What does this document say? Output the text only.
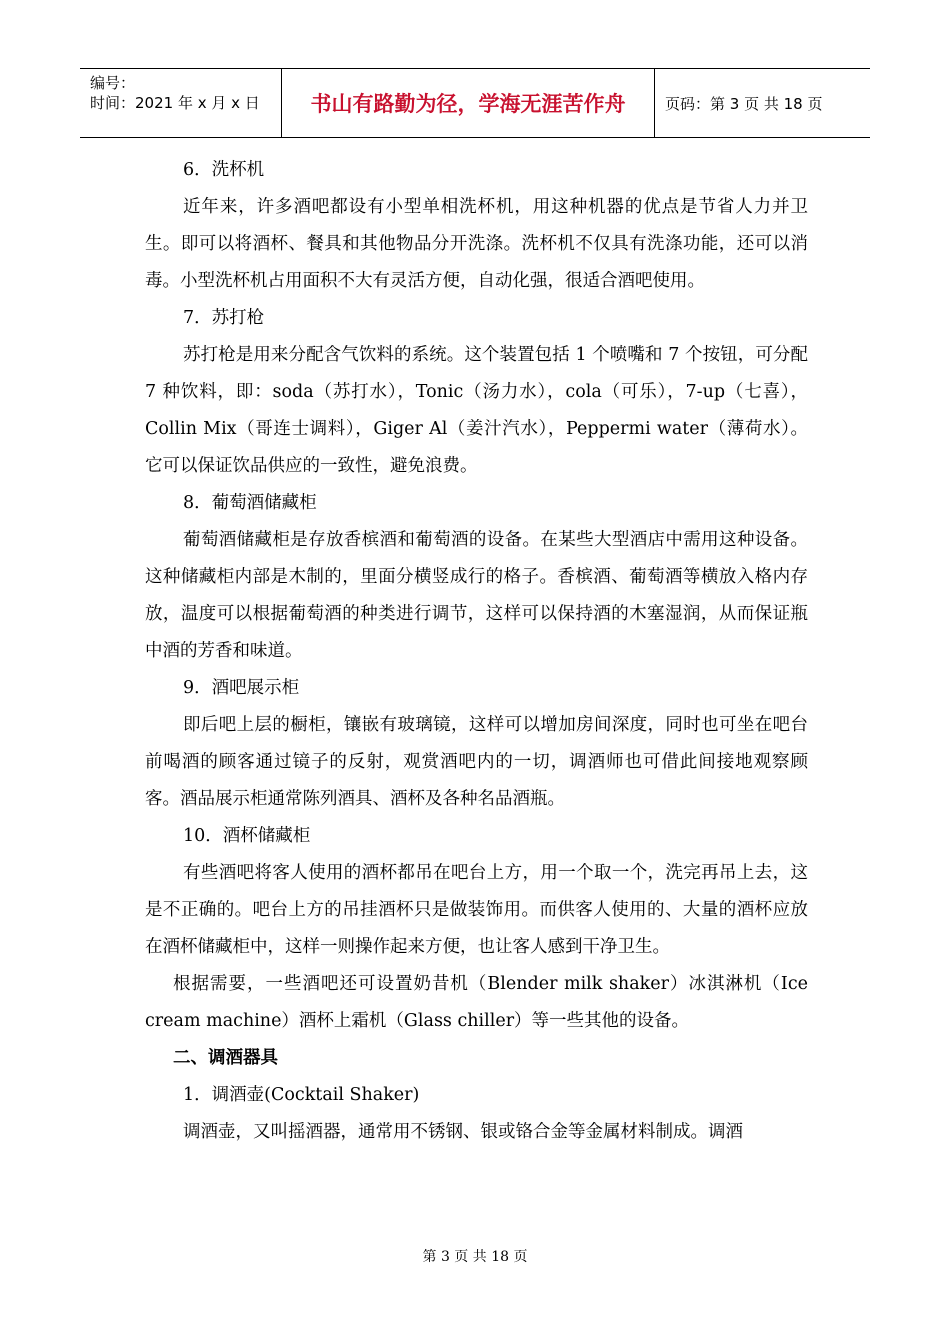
编号：
时间：2021 年 x 月 x 日	书山有路勤为径，学海无涯苦作舟	页码：第 3 页 共 18 页

6．洗杯机

近年来，许多酒吧都设有小型单相洗杯机，用这种机器的优点是节省人力并卫生。即可以将酒杯、餐具和其他物品分开洗涤。洗杯机不仅具有洗涤功能，还可以消毒。小型洗杯机占用面积不大有灵活方便，自动化强，很适合酒吧使用。

7．苏打枪

苏打枪是用来分配含气饮料的系统。这个装置包括 1 个喷嘴和 7 个按钮，可分配 7 种饮料，即：soda（苏打水），Tonic（汤力水），cola（可乐），7-up（七喜），Collin Mix（哥连士调料），Giger Al（姜汁汽水），Peppermi water（薄荷水）。它可以保证饮品供应的一致性，避免浪费。

8．葡萄酒储藏柜

葡萄酒储藏柜是存放香槟酒和葡萄酒的设备。在某些大型酒店中需用这种设备。这种储藏柜内部是木制的，里面分横竖成行的格子。香槟酒、葡萄酒等横放入格内存放，温度可以根据葡萄酒的种类进行调节，这样可以保持酒的木塞湿润，从而保证瓶中酒的芳香和味道。

9．酒吧展示柜

即后吧上层的橱柜，镶嵌有玻璃镜，这样可以增加房间深度，同时也可坐在吧台前喝酒的顾客通过镜子的反射，观赏酒吧内的一切，调酒师也可借此间接地观察顾客。酒品展示柜通常陈列酒具、酒杯及各种名品酒瓶。

10．酒杯储藏柜

有些酒吧将客人使用的酒杯都吊在吧台上方，用一个取一个，洗完再吊上去，这是不正确的。吧台上方的吊挂酒杯只是做装饰用。而供客人使用的、大量的酒杯应放在酒杯储藏柜中，这样一则操作起来方便，也让客人感到干净卫生。

根据需要，一些酒吧还可设置奶昔机（Blender milk shaker）冰淇淋机（Ice cream machine）酒杯上霜机（Glass chiller）等一些其他的设备。

二、调酒器具

1．调酒壶(Cocktail Shaker)

调酒壶，又叫摇酒器，通常用不锈钢、银或铬合金等金属材料制成。调酒

第 3 页 共 18 页
